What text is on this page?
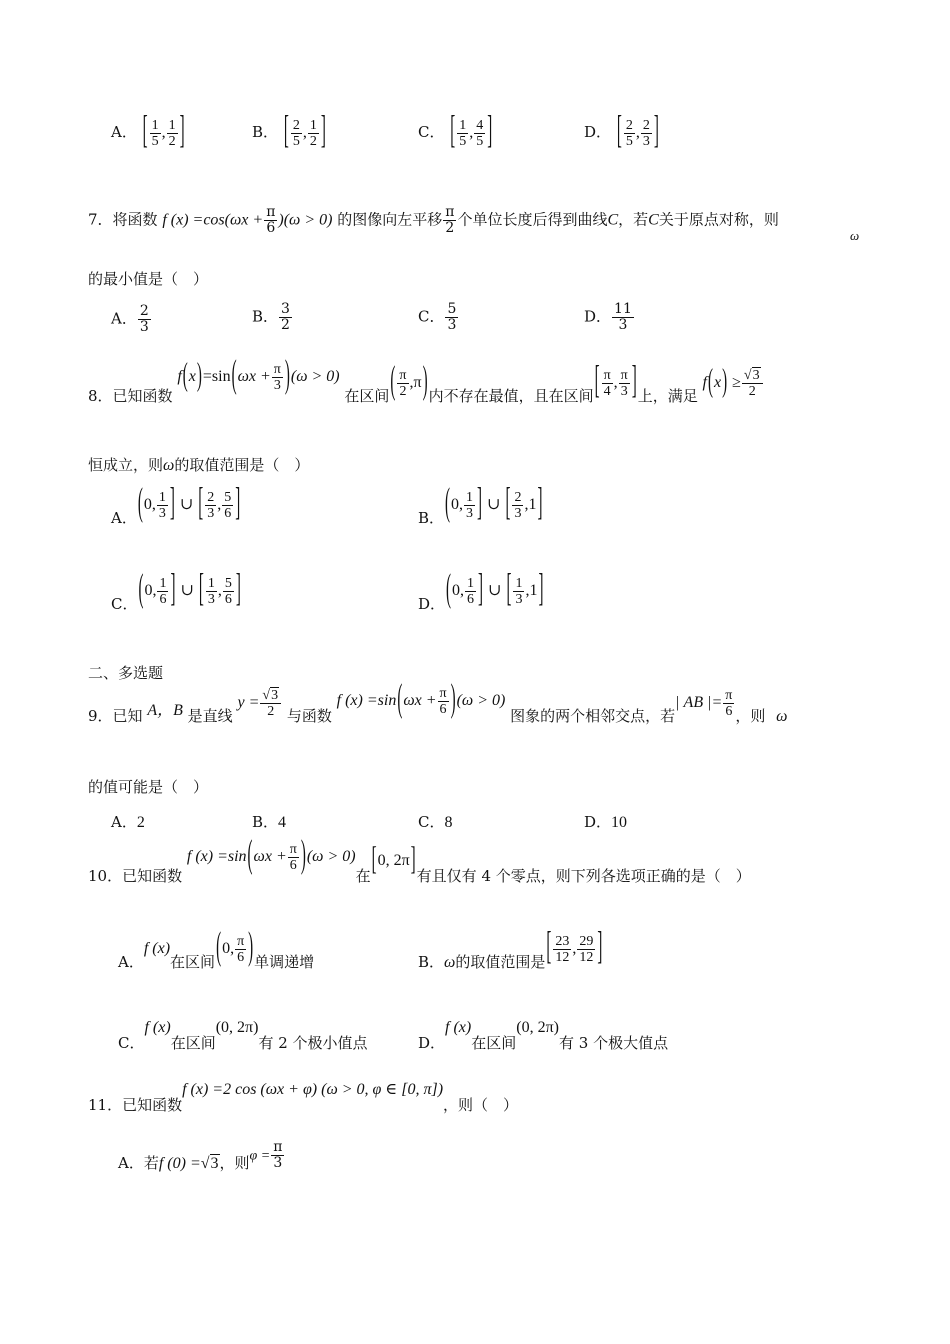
A． [ $\frac{1}{5}$ , $\frac{1}{2}$ ]	B． [ $\frac{2}{5}$ , $\frac{1}{2}$ ]	C． [ $\frac{1}{5}$ , $\frac{4}{5}$ ]	D． [ $\frac{2}{5}$ , $\frac{2}{3}$ ]
7．将函数 f $(x) =\cos(\omega x + \frac{\pi}{6} )(\omega > 0)$ 的图像向左平移 $\frac{\pi}{2}$ 个单位长度后得到曲线C，若C关于原点对称，则
ω
的最小值是（　）
A． $\frac{2}{3}$	B． $\frac{3}{2}$	C． $\frac{5}{3}$	D． $\frac{11}{3}$
8．已知函数 $f(x)=\sin(\omega x + \frac{\pi}{3} )(\omega > 0)$ 在区间( $\frac{\pi}{2} ,\pi$)内不存在最值，且在区间[ $\frac{\pi}{4}$ , $\frac{\pi}{3}$ ]上，满足 $f(x) \ge \frac{√3}{2}$
恒成立，则ω的取值范围是（　）
A．(0, $\frac{1}{3}$ ] ∪ [ $\frac{2}{3}$ , $\frac{5}{6}$ ]	B．(0, $\frac{1}{3}$ ] ∪ [ $\frac{2}{3} ,1$]
C．(0, $\frac{1}{6}$ ] ∪ [ $\frac{1}{3}$ , $\frac{5}{6}$ ]	D．(0, $\frac{1}{6}$ ] ∪ [ $\frac{1}{3} ,1$]
二、多选题
9．已知 A，B 是直线 $y = \frac{√3}{2}$ 与函数 f $(x) =\sin(\omega x + \frac{\pi}{6} )(\omega > 0)$ 图象的两个相邻交点，若| AB |= $\frac{\pi}{6}$ ，则 ω
的值可能是（　）
A．2	B．4	C．8	D．10
10．已知函数 f $(x) =\sin(\omega x + \frac{\pi}{6} )(\omega > 0)$在[0, 2π]有且仅有 4 个零点，则下列各选项正确的是（　）
A．f (x)在区间(0, $\frac{\pi}{6}$ )单调递增	B．ω的取值范围是[ $\frac{23}{12}$ , $\frac{29}{12}$ ]
C．f (x)在区间(0, 2π)有 2 个极小值点	D．f (x)在区间(0, 2π)有 3 个极大值点
11．已知函数f (x) =2 cos (ωx + φ) (ω > 0, φ ∈ [0, π])，则（　）
A．若f (0) =√3，则$\varphi = \frac{\pi}{3}$
